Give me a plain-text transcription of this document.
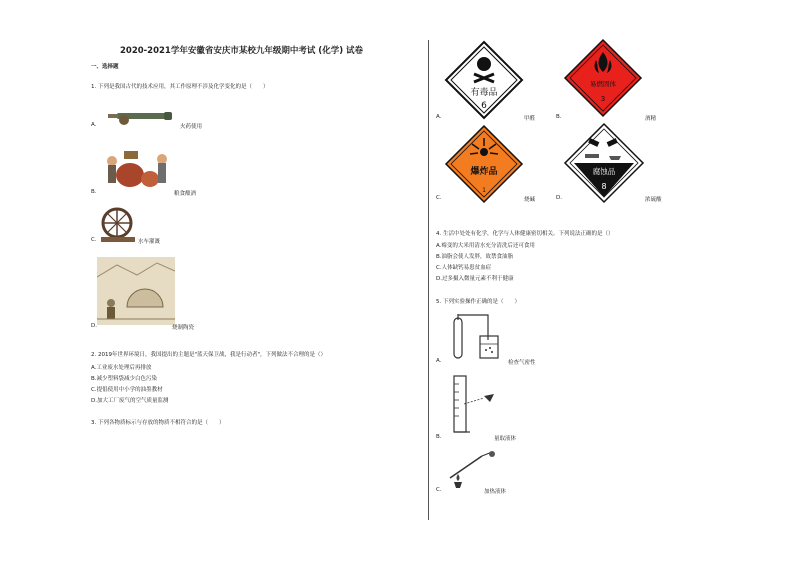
2020-2021学年安徽省安庆市某校九年级期中考试 (化学) 试卷
一、选择题
1. 下列是我国古代的技术应用，其工作原理不涉及化学变化的是（　　）
A.	火药使用
B.	粮食酿酒
C.	水车灌溉
D.	烧制陶瓷
2. 2019年世界环境日，我国提出的主题是"蓝天保卫战，我是行动者"，下列做法不合理的是（）
A.工业废水处理后再排放
B.减少塑料袋减少白色污染
C.提倡使用中小学的油墨教材
D.加大工厂废气的空气质量监测
3. 下列各物质标示与存放的物质不相符合的是（　　）
有毒品
6
A.	甲醛
易燃固体
3
B.	酒精
爆炸品
1
C.	烧碱
腐蚀品
8
D.	浓硫酸
4. 生活中处处有化学，化学与人体健康密切相关。下列说法正确的是（）
A.霉变的大米用清水充分清洗后还可食用
B.油脂会使人发胖，故禁食油脂
C.人体缺钙易患贫血症
D.过多摄入微量元素不利于健康
5. 下列实验操作正确的是（　　）
A.	检查气密性
B.	量取液体
C.	加热液体
